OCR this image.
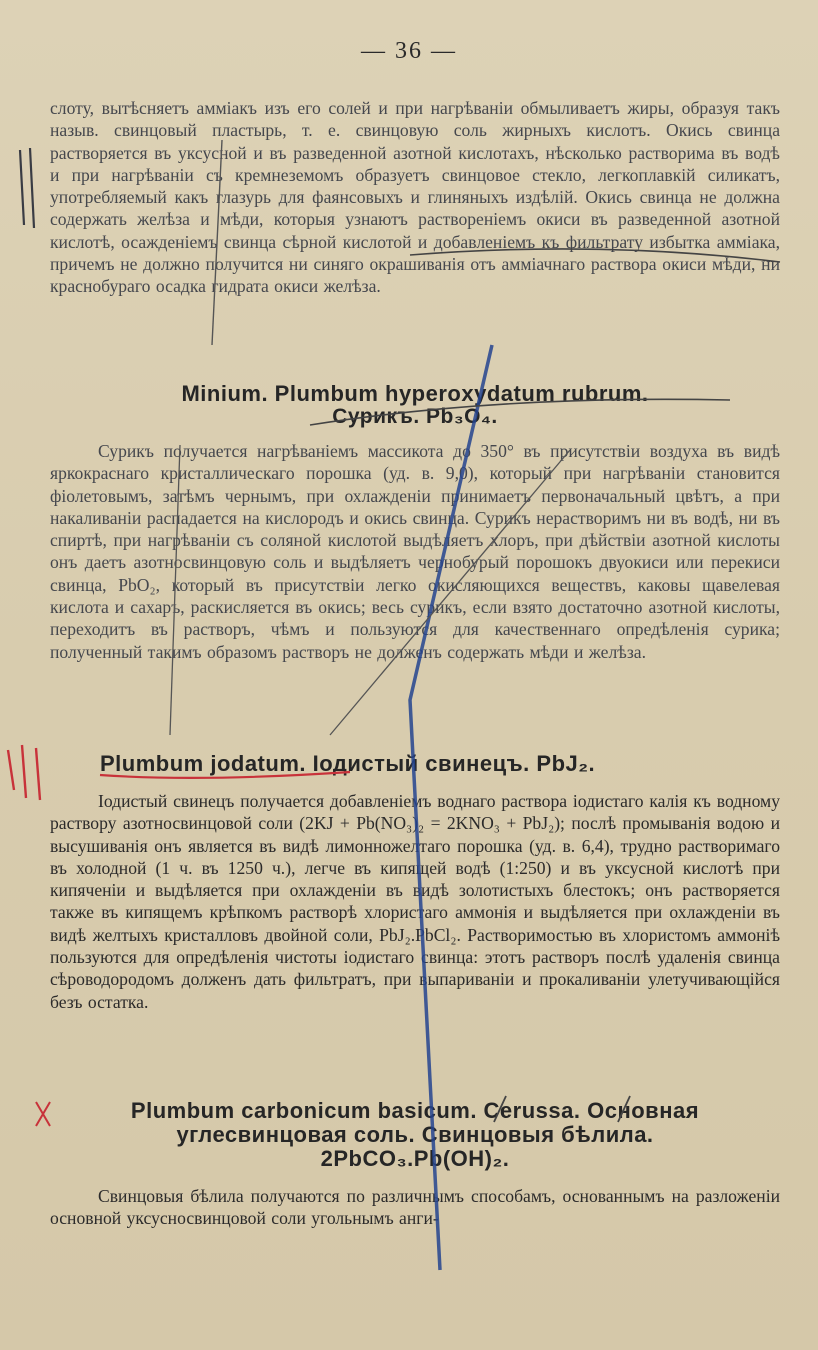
— 36 —
слоту, вытѣсняетъ амміакъ изъ его солей и при нагрѣваніи обмыливаетъ жиры, образуя такъ назыв. свинцовый пластырь, т. е. свинцовую соль жирныхъ кислотъ. Окись свинца растворяется въ уксусной и въ разведенной азотной кислотахъ, нѣсколько растворима въ водѣ и при нагрѣваніи съ кремнеземомъ образуетъ свинцовое стекло, легкоплавкій силикатъ, употребляемый какъ глазурь для фаянсовыхъ и глиняныхъ издѣлій. Окись свинца не должна содержать желѣза и мѣди, которыя узнаютъ растворенiемъ окиси въ разведенной азотной кислотѣ, осажденіемъ свинца сѣрной кислотой и добавленіемъ къ фильтрату избытка амміака, причемъ не должно получится ни синяго окрашиванія отъ амміачнаго раствора окиси мѣди, ни краснобураго осадка гидрата окиси желѣза.
Minium. Plumbum hyperoxydatum rubrum.
Сурикъ. Pb₃O₄.
Сурикъ получается нагрѣваніемъ массикота до 350° въ присутствіи воздуха въ видѣ яркокраснаго кристаллическаго порошка (уд. в. 9,0), который при нагрѣваніи становится фіолетовымъ, затѣмъ чернымъ, при охлажденіи принимаетъ первоначальный цвѣтъ, а при накаливаніи распадается на кислородъ и окись свинца. Сурикъ нерастворимъ ни въ водѣ, ни въ спиртѣ, при нагрѣваніи съ соляной кислотой выдѣляетъ хлоръ, при дѣйствіи азотной кислоты онъ даетъ азотносвинцовую соль и выдѣляетъ чернобурый порошокъ двуокиси или перекиси свинца, PbO₂, который въ присутствіи легко окисляющихся веществъ, каковы щавелевая кислота и сахаръ, раскисляется въ окись; весь сурикъ, если взято достаточно азотной кислоты, переходитъ въ растворъ, чѣмъ и пользуются для качественнаго опредѣленія сурика; полученный такимъ образомъ растворъ не долженъ содержать мѣди и желѣза.
Plumbum jodatum. Іодистый свинецъ. PbJ₂.
Іодистый свинецъ получается добавленіемъ воднаго раствора іодистаго калія къ водному раствору азотносвинцовой соли (2KJ + Pb(NO₃)₂ = 2KNO₃ + PbJ₂); послѣ промыванія водою и высушиванія онъ является въ видѣ лимонножелтаго порошка (уд. в. 6,4), трудно растворимаго въ холодной (1 ч. въ 1250 ч.), легче въ кипящей водѣ (1:250) и въ уксусной кислотѣ при кипяченіи и выдѣляется при охлажденіи въ видѣ золотистыхъ блестокъ; онъ растворяется также въ кипящемъ крѣпкомъ растворѣ хлористаго аммонія и выдѣляется при охлажденіи въ видѣ желтыхъ кристалловъ двойной соли, PbJ₂.PbCl₂. Растворимостью въ хлористомъ аммоніѣ пользуются для опредѣленія чистоты іодистаго свинца: этотъ растворъ послѣ удаленія свинца сѣроводородомъ долженъ дать фильтратъ, при выпариваніи и прокаливаніи улетучивающійся безъ остатка.
Plumbum carbonicum basicum. Cerussa. Основная
углесвинцовая соль. Свинцовыя бѣлила.
2PbCO₃.Pb(OH)₂.
Свинцовыя бѣлила получаются по различнымъ способамъ, основаннымъ на разложеніи основной уксусносвинцовой соли угольнымъ анги-
